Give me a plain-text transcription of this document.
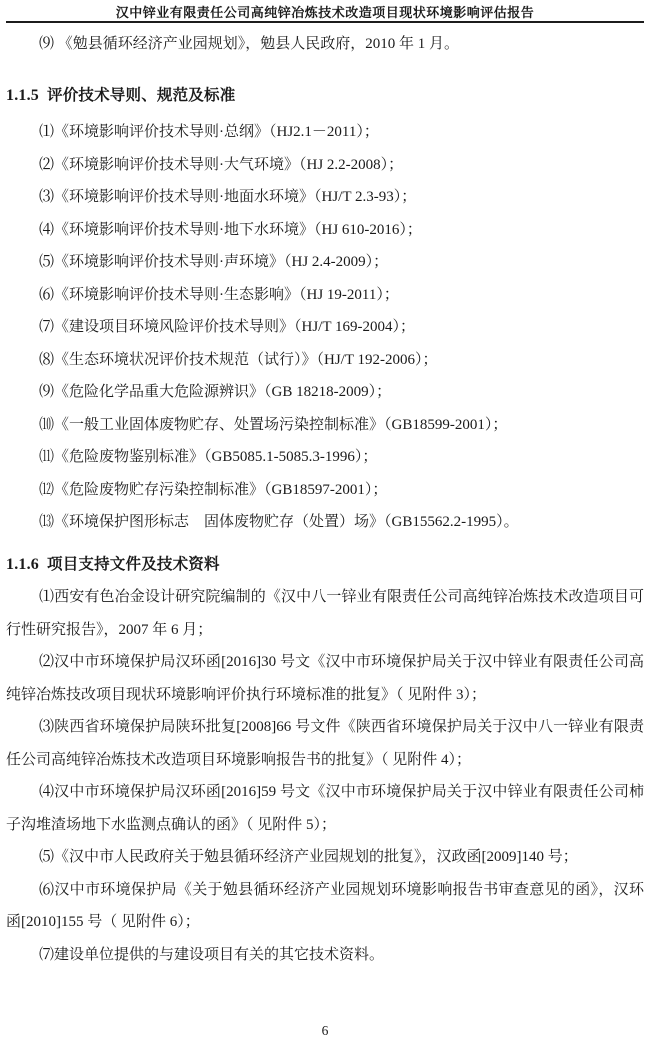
汉中锌业有限责任公司高纯锌冶炼技术改造项目现状环境影响评估报告

⑼ 《勉县循环经济产业园规划》，勉县人民政府，2010 年 1 月。

1.1.5 评价技术导则、规范及标准

⑴《环境影响评价技术导则·总纲》（HJ2.1－2011）；

⑵《环境影响评价技术导则·大气环境》（HJ 2.2-2008）；

⑶《环境影响评价技术导则·地面水环境》（HJ/T 2.3-93）；

⑷《环境影响评价技术导则·地下水环境》（HJ 610-2016）；

⑸《环境影响评价技术导则·声环境》（HJ 2.4-2009）；

⑹《环境影响评价技术导则·生态影响》（HJ 19-2011）；

⑺《建设项目环境风险评价技术导则》（HJ/T 169-2004）；

⑻《生态环境状况评价技术规范（试行）》（HJ/T 192-2006）；

⑼《危险化学品重大危险源辨识》（GB 18218-2009）；

⑽《一般工业固体废物贮存、处置场污染控制标准》（GB18599-2001）；

⑾《危险废物鉴别标准》（GB5085.1-5085.3-1996）；

⑿《危险废物贮存污染控制标准》（GB18597-2001）；

⒀《环境保护图形标志　固体废物贮存（处置）场》（GB15562.2-1995）。

1.1.6 项目支持文件及技术资料

⑴西安有色冶金设计研究院编制的《汉中八一锌业有限责任公司高纯锌冶炼技术改造项目可行性研究报告》，2007 年 6 月；

⑵汉中市环境保护局汉环函[2016]30 号文《汉中市环境保护局关于汉中锌业有限责任公司高纯锌冶炼技改项目现状环境影响评价执行环境标准的批复》（ 见附件 3）；

⑶陕西省环境保护局陕环批复[2008]66 号文件《陕西省环境保护局关于汉中八一锌业有限责任公司高纯锌冶炼技术改造项目环境影响报告书的批复》（ 见附件 4）；

⑷汉中市环境保护局汉环函[2016]59 号文《汉中市环境保护局关于汉中锌业有限责任公司柿子沟堆渣场地下水监测点确认的函》（ 见附件 5）；

⑸《汉中市人民政府关于勉县循环经济产业园规划的批复》，汉政函[2009]140 号；

⑹汉中市环境保护局《关于勉县循环经济产业园规划环境影响报告书审查意见的函》，汉环函[2010]155 号（ 见附件 6）；

⑺建设单位提供的与建设项目有关的其它技术资料。

6
